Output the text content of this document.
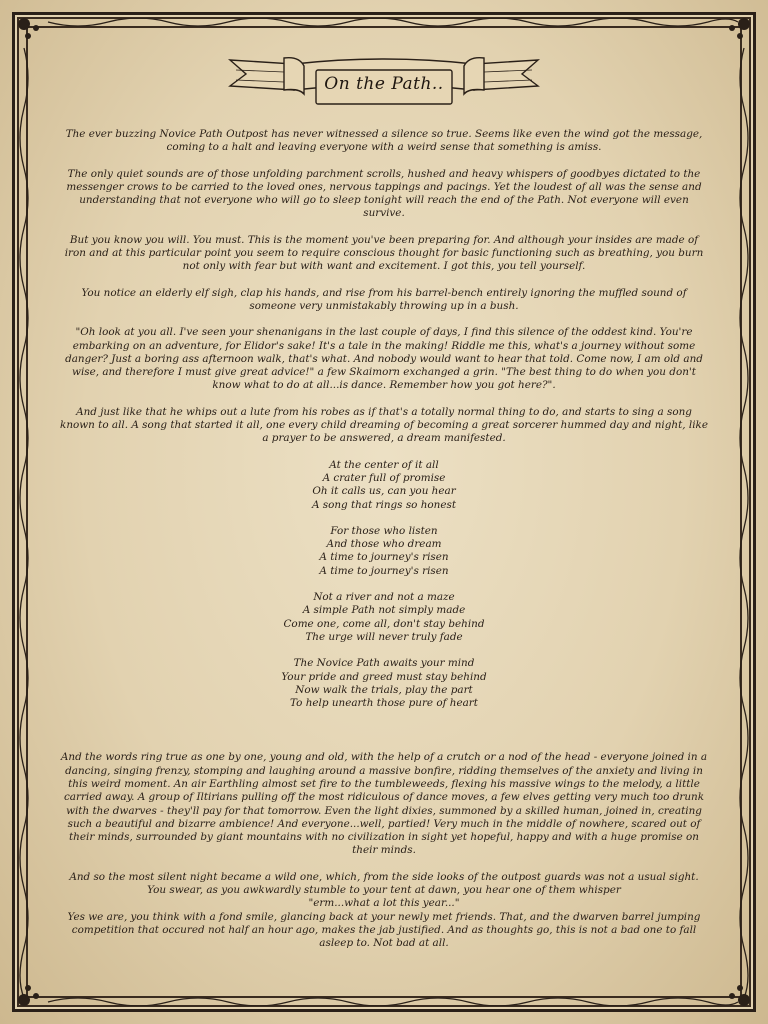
On the Path..

The ever buzzing Novice Path Outpost has never witnessed a silence so true. Seems like even the wind got the message, coming to a halt and leaving everyone with a weird sense that something is amiss.

The only quiet sounds are of those unfolding parchment scrolls, hushed and heavy whispers of goodbyes dictated to the messenger crows to be carried to the loved ones, nervous tappings and pacings. Yet the loudest of all was the sense and understanding that not everyone who will go to sleep tonight will reach the end of the Path. Not everyone will even survive.

But you know you will. You must. This is the moment you've been preparing for. And although your insides are made of iron and at this particular point you seem to require conscious thought for basic functioning such as breathing, you burn not only with fear but with want and excitement. I got this, you tell yourself.

You notice an elderly elf sigh, clap his hands, and rise from his barrel-bench entirely ignoring the muffled sound of someone very unmistakably throwing up in a bush.

"Oh look at you all. I've seen your shenanigans in the last couple of days, I find this silence of the oddest kind. You're embarking on an adventure, for Elidor's sake! It's a tale in the making! Riddle me this, what's a journey without some danger? Just a boring ass afternoon walk, that's what. And nobody would want to hear that told. Come now, I am old and wise, and therefore I must give great advice!" a few Skaimorn exchanged a grin. "The best thing to do when you don't know what to do at all...is dance. Remember how you got here?".

And just like that he whips out a lute from his robes as if that's a totally normal thing to do, and starts to sing a song known to all. A song that started it all, one every child dreaming of becoming a great sorcerer hummed day and night, like a prayer to be answered, a dream manifested.

At the center of it all
A crater full of promise
Oh it calls us, can you hear
A song that rings so honest
For those who listen
And those who dream
A time to journey's risen
A time to journey's risen
Not a river and not a maze
A simple Path not simply made
Come one, come all, don't stay behind
The urge will never truly fade
The Novice Path awaits your mind
Your pride and greed must stay behind
Now walk the trials, play the part
To help unearth those pure of heart

And the words ring true as one by one, young and old, with the help of a crutch or a nod of the head - everyone joined in a dancing, singing frenzy, stomping and laughing around a massive bonfire, ridding themselves of the anxiety and living in this weird moment. An air Earthling almost set fire to the tumbleweeds, flexing his massive wings to the melody, a little carried away. A group of Iltirians pulling off the most ridiculous of dance moves, a few elves getting very much too drunk with the dwarves - they'll pay for that tomorrow. Even the light dixies, summoned by a skilled human, joined in, creating such a beautiful and bizarre ambience! And everyone...well, partied! Very much in the middle of nowhere, scared out of their minds, surrounded by giant mountains with no civilization in sight yet hopeful, happy and with a huge promise on their minds.

And so the most silent night became a wild one, which, from the side looks of the outpost guards was not a usual sight. You swear, as you awkwardly stumble to your tent at dawn, you hear one of them whisper

"erm...what a lot this year..."

Yes we are, you think with a fond smile, glancing back at your newly met friends. That, and the dwarven barrel jumping competition that occured not half an hour ago, makes the jab justified. And as thoughts go, this is not a bad one to fall asleep to. Not bad at all.
